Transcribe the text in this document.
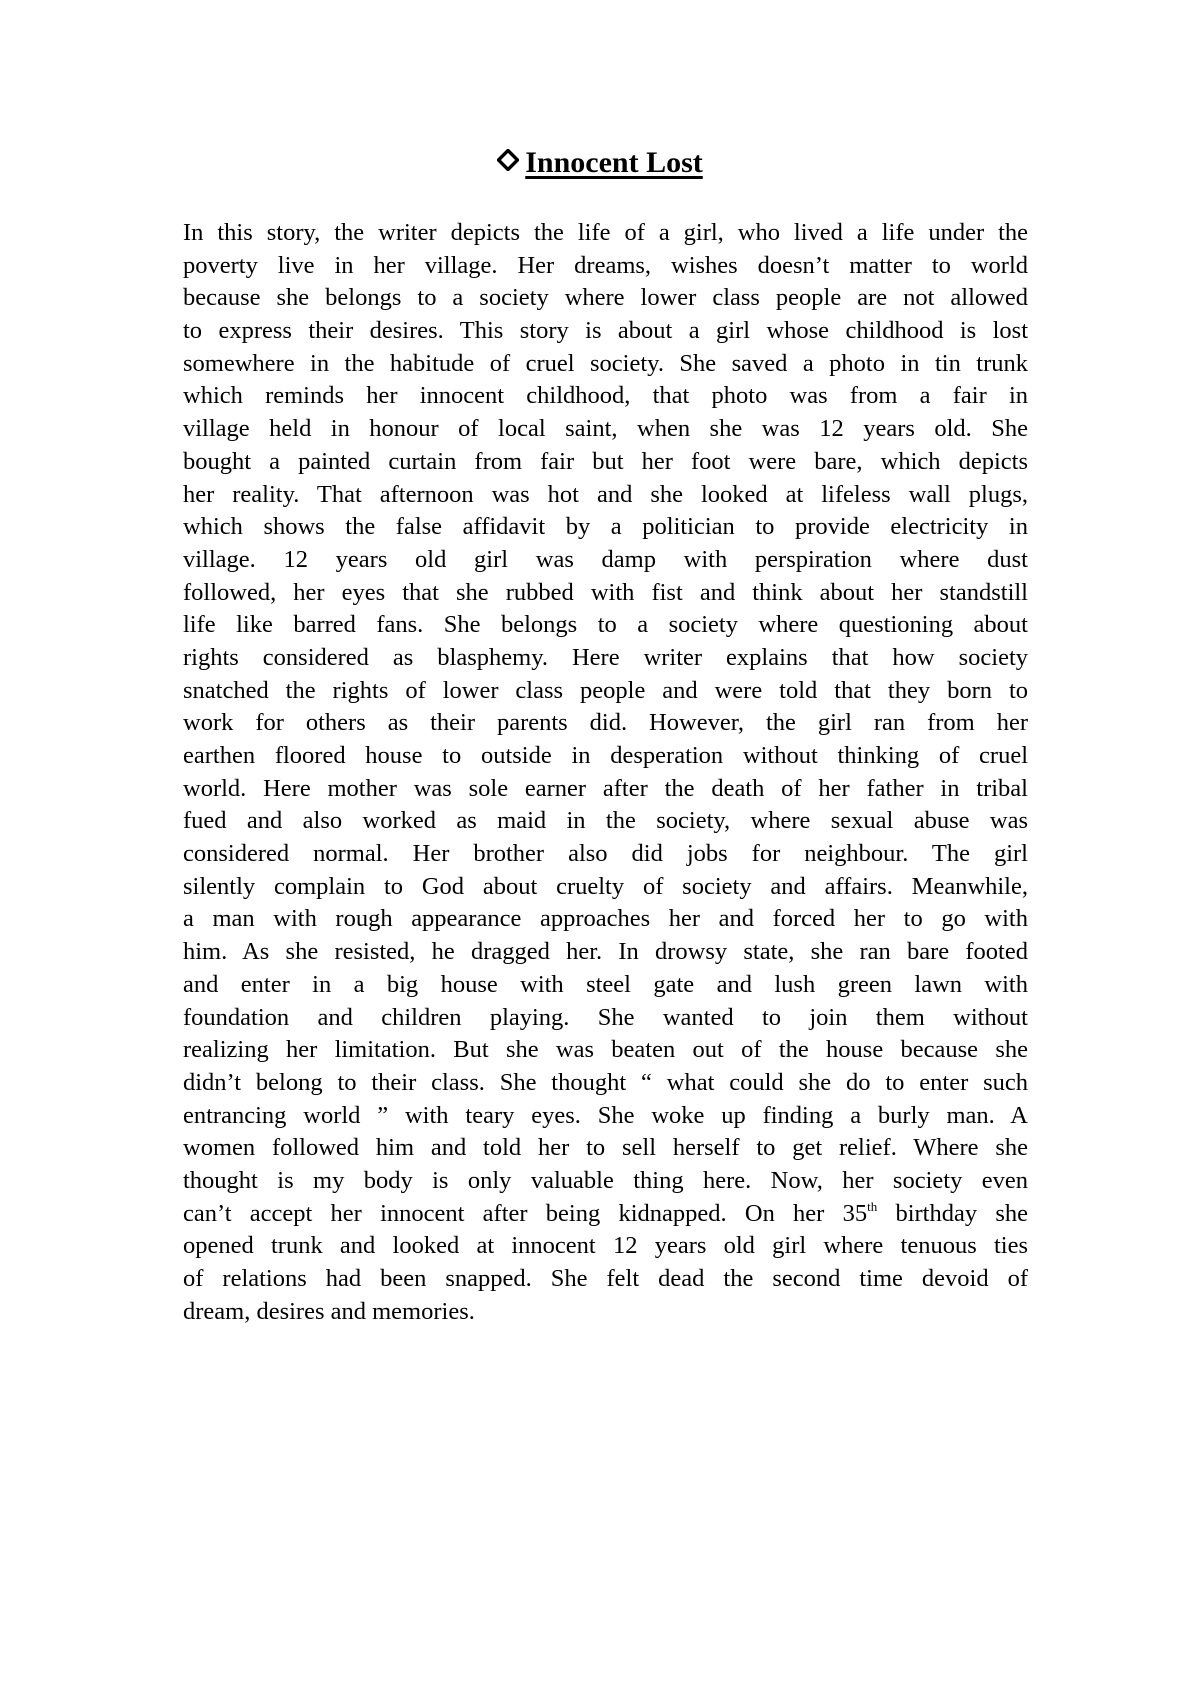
Innocent Lost
In this story, the writer depicts the life of a girl, who lived a life under the
poverty live in her village. Her dreams, wishes doesn’t matter to world
because she belongs to a society where lower class people are not allowed
to express their desires. This story is about a girl whose childhood is lost
somewhere in the habitude of cruel society. She saved a photo in tin trunk
which reminds her innocent childhood, that photo was from a fair in
village held in honour of local saint, when she was 12 years old. She
bought a painted curtain from fair but her foot were bare, which depicts
her reality. That afternoon was hot and she looked at lifeless wall plugs,
which shows the false affidavit by a politician to provide electricity in
village. 12 years old girl was damp with perspiration where dust
followed, her eyes that she rubbed with fist and think about her standstill
life like barred fans. She belongs to a society where questioning about
rights considered as blasphemy. Here writer explains that how society
snatched the rights of lower class people and were told that they born to
work for others as their parents did. However, the girl ran from her
earthen floored house to outside in desperation without thinking of cruel
world. Here mother was sole earner after the death of her father in tribal
fued and also worked as maid in the society, where sexual abuse was
considered normal. Her brother also did jobs for neighbour. The girl
silently complain to God about cruelty of society and affairs. Meanwhile,
a man with rough appearance approaches her and forced her to go with
him. As she resisted, he dragged her. In drowsy state, she ran bare footed
and enter in a big house with steel gate and lush green lawn with
foundation and children playing. She wanted to join them without
realizing her limitation. But she was beaten out of the house because she
didn’t belong to their class. She thought “ what could she do to enter such
entrancing world ” with teary eyes. She woke up finding a burly man. A
women followed him and told her to sell herself to get relief. Where she
thought is my body is only valuable thing here. Now, her society even
can’t accept her innocent after being kidnapped. On her 35th birthday she
opened trunk and looked at innocent 12 years old girl where tenuous ties
of relations had been snapped. She felt dead the second time devoid of
dream, desires and memories.
